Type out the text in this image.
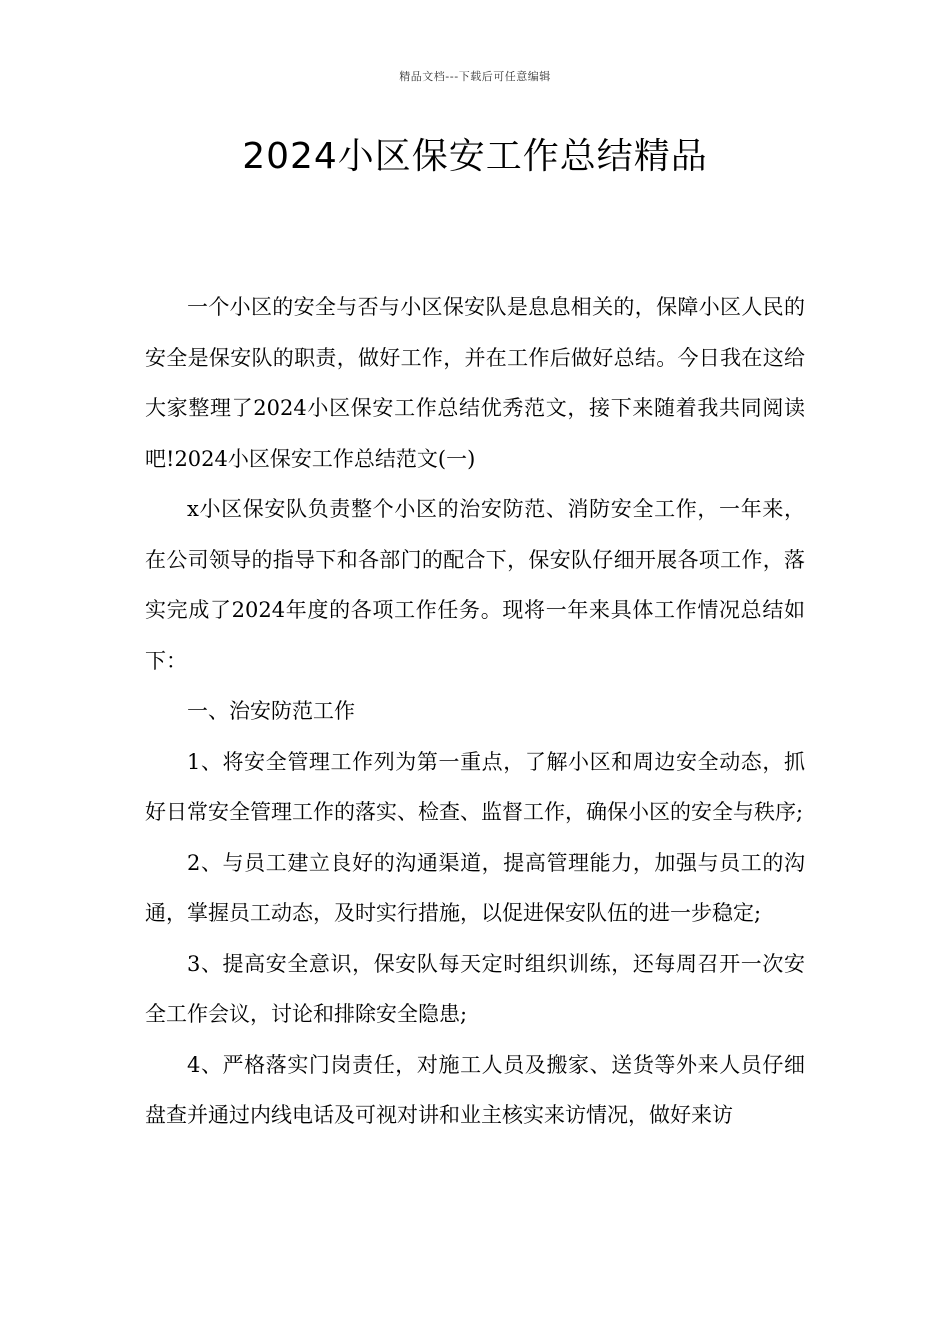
精品文档---下载后可任意编辑
2024小区保安工作总结精品

一个小区的安全与否与小区保安队是息息相关的，保障小区人民的安全是保安队的职责，做好工作，并在工作后做好总结。今日我在这给大家整理了2024小区保安工作总结优秀范文，接下来随着我共同阅读吧!2024小区保安工作总结范文(一)

x小区保安队负责整个小区的治安防范、消防安全工作，一年来，在公司领导的指导下和各部门的配合下，保安队仔细开展各项工作，落实完成了2024年度的各项工作任务。现将一年来具体工作情况总结如下：

一、治安防范工作

1、将安全管理工作列为第一重点，了解小区和周边安全动态，抓好日常安全管理工作的落实、检查、监督工作，确保小区的安全与秩序;

2、与员工建立良好的沟通渠道，提高管理能力，加强与员工的沟通，掌握员工动态，及时实行措施，以促进保安队伍的进一步稳定;

3、提高安全意识，保安队每天定时组织训练，还每周召开一次安全工作会议，讨论和排除安全隐患;

4、严格落实门岗责任，对施工人员及搬家、送货等外来人员仔细盘查并通过内线电话及可视对讲和业主核实来访情况，做好来访
